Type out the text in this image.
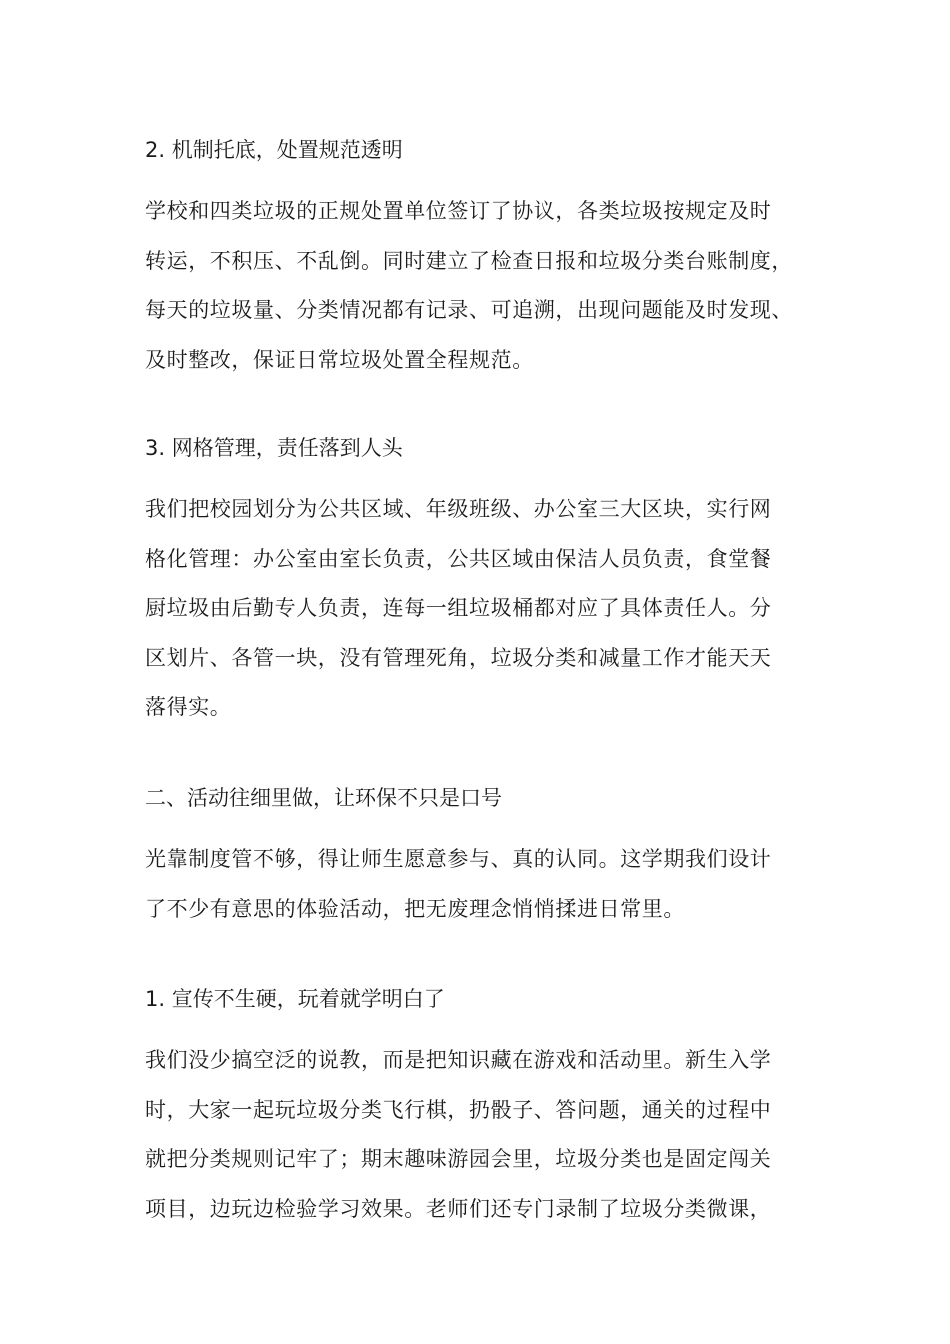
2. 机制托底，处置规范透明

学校和四类垃圾的正规处置单位签订了协议，各类垃圾按规定及时
转运，不积压、不乱倒。同时建立了检查日报和垃圾分类台账制度，
每天的垃圾量、分类情况都有记录、可追溯，出现问题能及时发现、
及时整改，保证日常垃圾处置全程规范。

3. 网格管理，责任落到人头

我们把校园划分为公共区域、年级班级、办公室三大区块，实行网
格化管理：办公室由室长负责，公共区域由保洁人员负责，食堂餐
厨垃圾由后勤专人负责，连每一组垃圾桶都对应了具体责任人。分
区划片、各管一块，没有管理死角，垃圾分类和减量工作才能天天
落得实。

二、活动往细里做，让环保不只是口号

光靠制度管不够，得让师生愿意参与、真的认同。这学期我们设计
了不少有意思的体验活动，把无废理念悄悄揉进日常里。

1. 宣传不生硬，玩着就学明白了

我们没少搞空泛的说教，而是把知识藏在游戏和活动里。新生入学
时，大家一起玩垃圾分类飞行棋，扔骰子、答问题，通关的过程中
就把分类规则记牢了；期末趣味游园会里，垃圾分类也是固定闯关
项目，边玩边检验学习效果。老师们还专门录制了垃圾分类微课，
